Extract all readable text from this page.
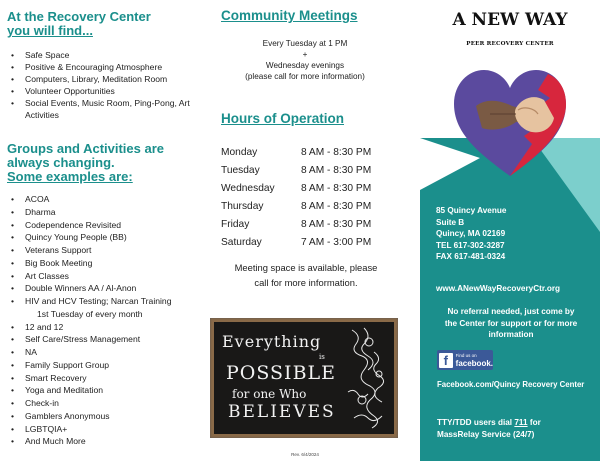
At the Recovery Center
you will find...
• Safe Space
• Positive & Encouraging Atmosphere
• Computers, Library, Meditation Room
• Volunteer Opportunities
• Social Events, Music Room, Ping-Pong, Art Activities
Groups and Activities are
always changing.
Some examples are:
• ACOA
• Dharma
• Codependence Revisited
• Quincy Young People (BB)
• Veterans Support
• Big Book Meeting
• Art Classes
• Double Winners AA / Al-Anon
• HIV and HCV Testing; Narcan Training
1st Tuesday of every month
• 12 and 12
• Self Care/Stress Management
• NA
• Family Support Group
• Smart Recovery
• Yoga and Meditation
• Check-in
• Gamblers Anonymous
• LGBTQIA+
• And Much More
Community Meetings
Every Tuesday at 1 PM
+
Wednesday evenings
(please call for more information)
Hours of Operation
Monday	8 AM - 8:30 PM
Tuesday	8 AM - 8:30 PM
Wednesday	8 AM - 8:30 PM
Thursday	8 AM - 8:30 PM
Friday	8 AM - 8:30 PM
Saturday	7 AM - 3:00 PM
Meeting space is available, please
call for more information.
Everything
is
POSSIBLE
for one Who
BELIEVES
Rev. 6/4/2024
A NEW WAY
PEER RECOVERY CENTER
85 Quincy Avenue
Suite B
Quincy, MA 02169
TEL 617-302-3287
FAX 617-481-0324
www.ANewWayRecoveryCtr.org
No referral needed, just come by
the Center for support or for more
information
f	Find us on
facebook.
Facebook.com/Quincy Recovery Center
TTY/TDD users dial 711 for
MassRelay Service (24/7)
